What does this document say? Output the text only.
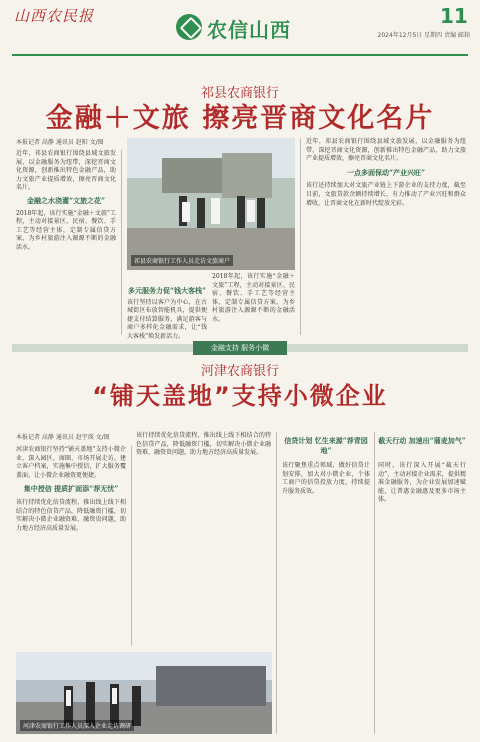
山西农民报
农信山西
11
2024年12月5日 星期四 责编 邮箱
祁县农商银行
金融＋文旅 擦亮晋商文化名片
本报记者 高静 通讯员 赵阳 文/图

近年，祁县农商银行围绕县域文旅发展，以金融服务为纽带，深挖晋商文化资源，创新推出特色金融产品，助力文旅产业提质增效，擦亮晋商文化名片。

金融之水浇灌“文旅之花”

2018年起，该行实施“金融＋文旅”工程，主动对接景区、民宿、餐饮、手工艺等经营主体，定制专属信贷方案，为乡村旅游注入源源不断的金融活水。

祁县农商银行工作人员走访文旅商户
多元服务力促“钱大客栈”

该行坚持以客户为中心，在古城街区布放智能机具，提供便捷支付结算服务，满足游客与商户多样化金融需求，让“钱大客栈”焕发新活力。

2018年起，该行实施“金融＋文旅”工程，主动对接景区、民宿、餐饮、手工艺等经营主体，定制专属信贷方案，为乡村旅游注入源源不断的金融活水。

近年，祁县农商银行围绕县域文旅发展，以金融服务为纽带，深挖晋商文化资源，创新推出特色金融产品，助力文旅产业提质增效，擦亮晋商文化名片。

一点多面保动“产业兴旺”

该行还持续加大对文旅产业链上下游企业的支持力度，截至目前，文旅贷款余额持续增长，有力推动了产业兴旺和群众增收，让晋商文化在新时代绽放光彩。

金融支持 服务小微
河津农商银行
“铺天盖地”支持小微企业
本报记者 高静 通讯员 赵宇瑛 文/图

河津农商银行坚持“铺天盖地”支持小微企业，深入园区、商圈、市场开展走访，建立客户档案，实施集中授信，扩大服务覆盖面，让小微企业融资更便捷。

集中授信 提质扩面添“荐无忧”

该行持续优化信贷流程，推出线上线下相结合的特色信贷产品，降低融资门槛，切实解决小微企业融资难、融资贵问题，助力地方经济高质量发展。

该行持续优化信贷流程，推出线上线下相结合的特色信贷产品，降低融资门槛，切实解决小微企业融资难、融资贵问题，助力地方经济高质量发展。

河津农商银行工作人员深入企业走访调研
信贷计划 忆生来源“荐青园地”

该行聚焦重点领域，做好信贷计划安排，加大对小微企业、个体工商户的信贷投放力度，持续提升服务质效。

截天行动 加速出“蒲麦加气”

同时，该行深入开展“截天行动”，主动对接企业需求，提供精准金融服务，为企业发展加速赋能，让普惠金融惠及更多市场主体。
